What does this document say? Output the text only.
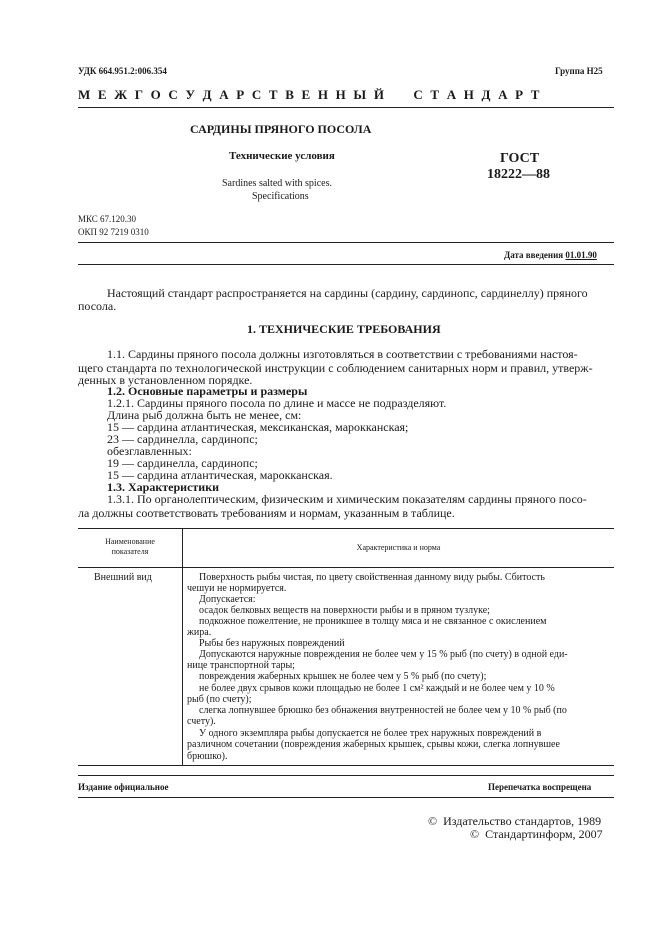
УДК 664.951.2:006.354	Группа Н25
М Е Ж Г О С У Д А Р С Т В Е Н Н Ы Й     С Т А Н Д А Р Т
САРДИНЫ ПРЯНОГО ПОСОЛА
Технические условия
Sardines salted with spices.
Specifications
ГОСТ
18222—88
МКС 67.120.30
ОКП 92 7219 0310
Дата введения 01.01.90
Настоящий стандарт распространяется на сардины (сардину, сардинопс, сардинеллу) пряного
посола.
1. ТЕХНИЧЕСКИЕ ТРЕБОВАНИЯ
1.1. Сардины пряного посола должны изготовляться в соответствии с требованиями настоя-
щего стандарта по технологической инструкции с соблюдением санитарных норм и правил, утверж-
денных в установленном порядке.
1.2. Основные параметры и размеры
1.2.1. Сардины пряного посола по длине и массе не подразделяют.
Длина рыб должна быть не менее, см:
15 — сардина атлантическая, мексиканская, марокканская;
23 — сардинелла, сардинопс;
обезглавленных:
19 — сардинелла, сардинопс;
15 — сардина атлантическая, марокканская.
1.3. Характеристики
1.3.1. По органолептическим, физическим и химическим показателям сардины пряного посо-
ла должны соответствовать требованиям и нормам, указанным в таблице.
Наименование
показателя	Характеристика и норма
Внешний вид	Поверхность рыбы чистая, по цвету свойственная данному виду рыбы. Сбитость
чешуи не нормируется.
Допускается:
осадок белковых веществ на поверхности рыбы и в пряном тузлуке;
подкожное пожелтение, не проникшее в толщу мяса и не связанное с окислением
жира.
Рыбы без наружных повреждений
Допускаются наружные повреждения не более чем у 15 % рыб (по счету) в одной еди-
нице транспортной тары;
повреждения жаберных крышек не более чем у 5 % рыб (по счету);
не более двух срывов кожи площадью не более 1 см² каждый и не более чем у 10 %
рыб (по счету);
слегка лопнувшее брюшко без обнажения внутренностей не более чем у 10 % рыб (по
счету).
У одного экземпляра рыбы допускается не более трех наружных повреждений в
различном сочетании (повреждения жаберных крышек, срывы кожи, слегка лопнувшее
брюшко).
Издание официальное	Перепечатка воспрещена
©  Издательство стандартов, 1989
©  Стандартинформ, 2007
